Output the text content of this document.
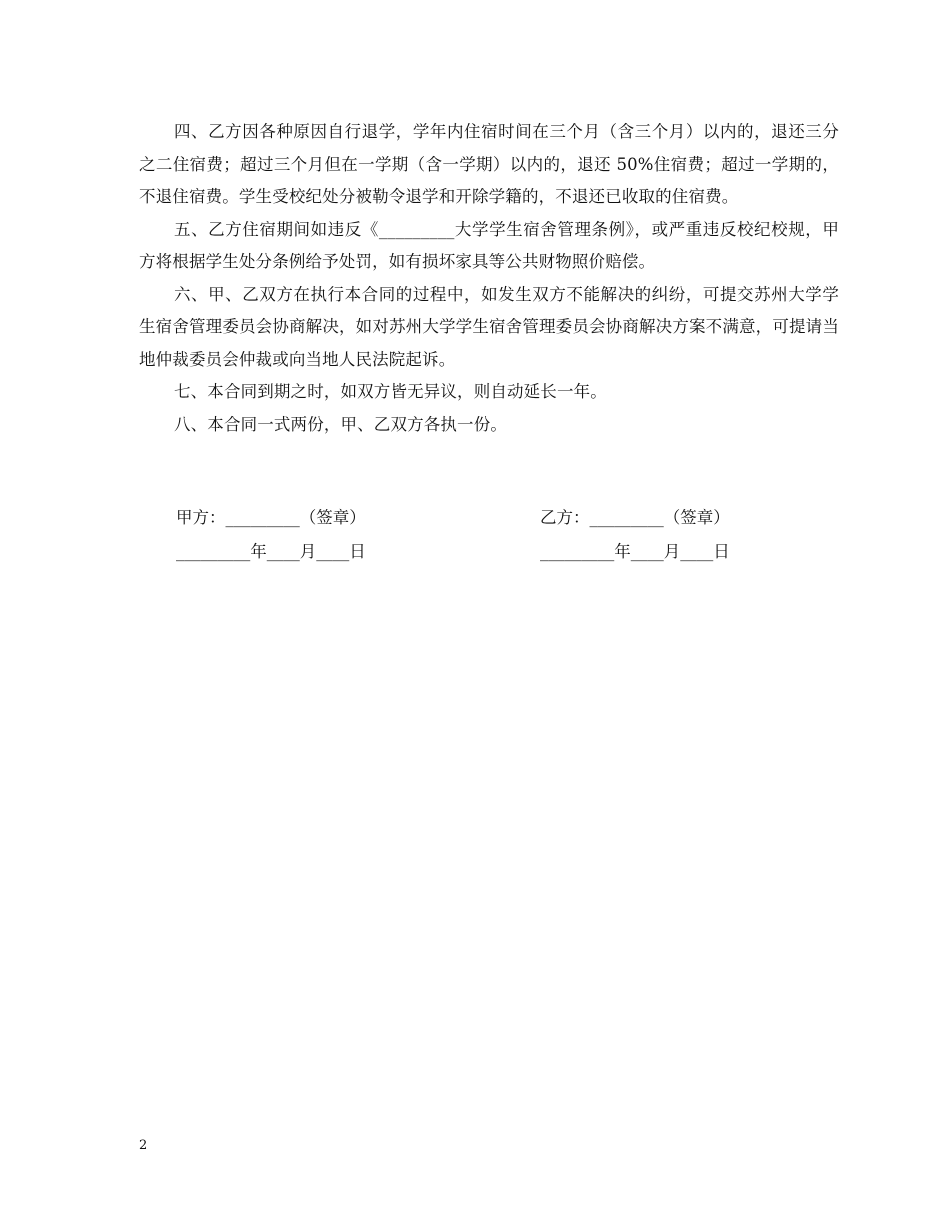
四、乙方因各种原因自行退学，学年内住宿时间在三个月（含三个月）以内的，退还三分之二住宿费；超过三个月但在一学期（含一学期）以内的，退还 50%住宿费；超过一学期的，不退住宿费。学生受校纪处分被勒令退学和开除学籍的，不退还已收取的住宿费。

五、乙方住宿期间如违反《_________大学学生宿舍管理条例》，或严重违反校纪校规，甲方将根据学生处分条例给予处罚，如有损坏家具等公共财物照价赔偿。

六、甲、乙双方在执行本合同的过程中，如发生双方不能解决的纠纷，可提交苏州大学学生宿舍管理委员会协商解决，如对苏州大学学生宿舍管理委员会协商解决方案不满意，可提请当地仲裁委员会仲裁或向当地人民法院起诉。

七、本合同到期之时，如双方皆无异议，则自动延长一年。

八、本合同一式两份，甲、乙双方各执一份。

甲方：_________（签章）	乙方：_________（签章）
_________年____月____日	_________年____月____日
2
